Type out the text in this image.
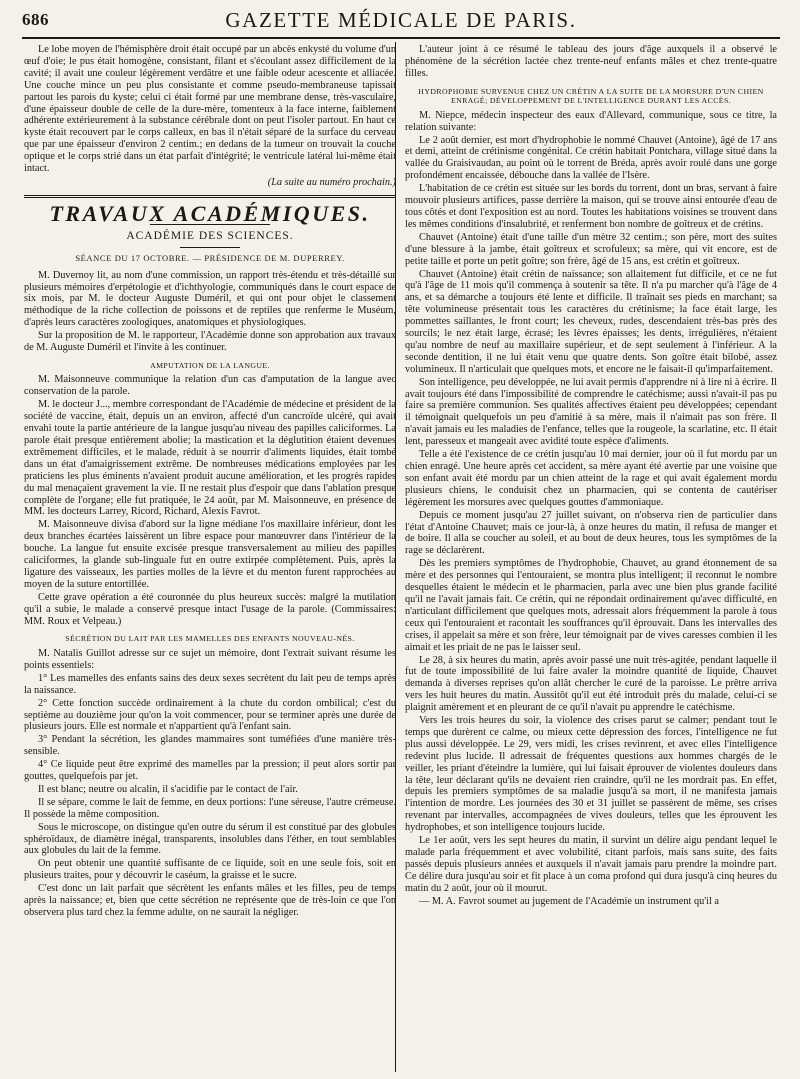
686	GAZETTE MÉDICALE DE PARIS.

Le lobe moyen de l'hémisphère droit était occupé par un abcès enkysté du volume d'un œuf d'oie; le pus était homogène, consistant, filant et s'écoulant assez difficilement de la cavité; il avait une couleur légèrement verdâtre et une faible odeur acescente et alliacée. Une couche mince un peu plus consistante et comme pseudo-membraneuse tapissait partout les parois du kyste; celui ci était formé par une membrane dense, très-vasculaire, d'une épaisseur double de celle de la dure-mère, tomenteux à la face interne, faiblement adhérente extérieurement à la substance cérébrale dont on peut l'isoler partout. En haut ce kyste était recouvert par le corps calleux, en bas il n'était séparé de la surface du cerveau que par une épaisseur d'environ 2 centim.; en dedans de la tumeur on trouvait la couche optique et le corps strié dans un état parfait d'intégrité; le ventricule latéral lui-même était intact.

(La suite au numéro prochain.)

TRAVAUX ACADÉMIQUES.

ACADÉMIE DES SCIENCES.

SÉANCE DU 17 OCTOBRE. — PRÉSIDENCE DE M. DUPERREY.

M. Duvernoy lit, au nom d'une commission, un rapport très-étendu et très-détaillé sur plusieurs mémoires d'erpétologie et d'ichthyologie, communiqués dans le court espace de six mois, par M. le docteur Auguste Duméril, et qui ont pour objet le classement méthodique de la riche collection de poissons et de reptiles que renferme le Muséum, d'après leurs caractères zoologiques, anatomiques et physiologiques.

Sur la proposition de M. le rapporteur, l'Académie donne son approbation aux travaux de M. Auguste Duméril et l'invite à les continuer.

AMPUTATION DE LA LANGUE.

M. Maisonneuve communique la relation d'un cas d'amputation de la langue avec conservation de la parole.

M. le docteur J..., membre correspondant de l'Académie de médecine et président de la société de vaccine, était, depuis un an environ, affecté d'un cancroïde ulcéré, qui avait envahi toute la partie antérieure de la langue jusqu'au niveau des papilles caliciformes. La parole était presque entièrement abolie; la mastication et la déglutition étaient devenues extrêmement difficiles, et le malade, réduit à se nourrir d'aliments liquides, était tombé dans un état d'amaigrissement extrême. De nombreuses médications employées par les praticiens les plus éminents n'avaient produit aucune amélioration, et les progrès rapides du mal menaçaient gravement la vie. Il ne restait plus d'espoir que dans l'ablation presque complète de l'organe; elle fut pratiquée, le 24 août, par M. Maisonneuve, en présence de MM. les docteurs Larrey, Ricord, Richard, Alexis Favrot.

M. Maisonneuve divisa d'abord sur la ligne médiane l'os maxillaire inférieur, dont les deux branches écartées laissèrent un libre espace pour manœuvrer dans l'intérieur de la bouche. La langue fut ensuite excisée presque transversalement au milieu des papilles caliciformes, la glande sub-linguale fut en outre extirpée complètement. Puis, après la ligature des vaisseaux, les parties molles de la lèvre et du menton furent rapprochées au moyen de la suture entortillée.

Cette grave opération a été couronnée du plus heureux succès: malgré la mutilation qu'il a subie, le malade a conservé presque intact l'usage de la parole. (Commissaires: MM. Roux et Velpeau.)

SÉCRÉTION DU LAIT PAR LES MAMELLES DES ENFANTS NOUVEAU-NÉS.

M. Natalis Guillot adresse sur ce sujet un mémoire, dont l'extrait suivant résume les points essentiels:

1° Les mamelles des enfants sains des deux sexes secrètent du lait peu de temps après la naissance.

2° Cette fonction succède ordinairement à la chute du cordon ombilical; c'est du septième au douzième jour qu'on la voit commencer, pour se terminer après une durée de plusieurs jours. Elle est normale et n'appartient qu'à l'enfant sain.

3° Pendant la sécrétion, les glandes mammaires sont tuméfiées d'une manière très-sensible.

4° Ce liquide peut être exprimé des mamelles par la pression; il peut alors sortir par gouttes, quelquefois par jet.

Il est blanc; neutre ou alcalin, il s'acidifie par le contact de l'air.

Il se sépare, comme le lait de femme, en deux portions: l'une séreuse, l'autre crémeuse. Il possède la même composition.

Sous le microscope, on distingue qu'en outre du sérum il est constitué par des globules sphéroïdaux, de diamètre inégal, transparents, insolubles dans l'éther, en tout semblables aux globules du lait de la femme.

On peut obtenir une quantité suffisante de ce liquide, soit en une seule fois, soit en plusieurs traites, pour y découvrir le caséum, la graisse et le sucre.

C'est donc un lait parfait que sécrètent les enfants mâles et les filles, peu de temps après la naissance; et, bien que cette sécrétion ne représente que de très-loin ce que l'on observera plus tard chez la femme adulte, on ne saurait la négliger.

L'auteur joint à ce résumé le tableau des jours d'âge auxquels il a observé le phénomène de la sécrétion lactée chez trente-neuf enfants mâles et chez trente-quatre filles.

HYDROPHOBIE SURVENUE CHEZ UN CRÉTIN A LA SUITE DE LA MORSURE D'UN CHIEN ENRAGÉ; DÉVELOPPEMENT DE L'INTELLIGENCE DURANT LES ACCÈS.

M. Niepce, médecin inspecteur des eaux d'Allevard, communique, sous ce titre, la relation suivante:

Le 2 août dernier, est mort d'hydrophobie le nommé Chauvet (Antoine), âgé de 17 ans et demi, atteint de crétinisme congénital. Ce crétin habitait Pontchara, village situé dans la vallée du Graisivaudan, au point où le torrent de Bréda, après avoir roulé dans une gorge profondément encaissée, débouche dans la vallée de l'Isère.

L'habitation de ce crétin est située sur les bords du torrent, dont un bras, servant à faire mouvoir plusieurs artifices, passe derrière la maison, qui se trouve ainsi entourée d'eau de tous côtés et dont l'exposition est au nord. Toutes les habitations voisines se trouvent dans les mêmes conditions d'insalubrité, et renferment bon nombre de goîtreux et de crétins.

Chauvet (Antoine) était d'une taille d'un mètre 32 centim.; son père, mort des suites d'une blessure à la jambe, était goîtreux et scrofuleux; sa mère, qui vit encore, est de petite taille et porte un petit goître; son frère, âgé de 15 ans, est crétin et goîtreux.

Chauvet (Antoine) était crétin de naissance; son allaitement fut difficile, et ce ne fut qu'à l'âge de 11 mois qu'il commença à soutenir sa tête. Il n'a pu marcher qu'à l'âge de 4 ans, et sa démarche a toujours été lente et difficile. Il traînait ses pieds en marchant; sa tête volumineuse présentait tous les caractères du crétinisme; la face était large, les pommettes saillantes, le front court; les cheveux, rudes, descendaient très-bas près des sourcils; le nez était large, écrasé; les lèvres épaisses; les dents, irrégulières, n'étaient qu'au nombre de neuf au maxillaire supérieur, et de sept seulement à l'inférieur. A la seconde dentition, il ne lui était venu que quatre dents. Son goître était bilobé, assez volumineux. Il n'articulait que quelques mots, et encore ne le faisait-il qu'imparfaitement.

Son intelligence, peu développée, ne lui avait permis d'apprendre ni à lire ni à écrire. Il avait toujours été dans l'impossibilité de comprendre le catéchisme; aussi n'avait-il pas pu faire sa première communion. Ses qualités affectives étaient peu développées; cependant il témoignait quelquefois un peu d'amitié à sa mère, mais il n'aimait pas son frère. Il n'avait jamais eu les maladies de l'enfance, telles que la rougeole, la scarlatine, etc. Il était lent, paresseux et mangeait avec avidité toute espèce d'aliments.

Telle a été l'existence de ce crétin jusqu'au 10 mai dernier, jour où il fut mordu par un chien enragé. Une heure après cet accident, sa mère ayant été avertie par une voisine que son enfant avait été mordu par un chien atteint de la rage et qui avait également mordu plusieurs chiens, le conduisit chez un pharmacien, qui se contenta de cautériser légèrement les morsures avec quelques gouttes d'ammoniaque.

Depuis ce moment jusqu'au 27 juillet suivant, on n'observa rien de particulier dans l'état d'Antoine Chauvet; mais ce jour-là, à onze heures du matin, il refusa de manger et de boire. Il alla se coucher au soleil, et au bout de deux heures, tous les symptômes de la rage se déclarèrent.

Dès les premiers symptômes de l'hydrophobie, Chauvet, au grand étonnement de sa mère et des personnes qui l'entouraient, se montra plus intelligent; il reconnut le nombre desquelles étaient le médecin et le pharmacien, parla avec une bien plus grande facilité qu'il ne l'avait jamais fait. Ce crétin, qui ne répondait ordinairement qu'avec difficulté, en n'articulant difficilement que quelques mots, adressait alors fréquemment la parole à tous ceux qui l'entouraient et racontait les souffrances qu'il éprouvait. Dans les intervalles des crises, il appelait sa mère et son frère, leur témoignait par de vives caresses combien il les aimait et les priait de ne pas le laisser seul.

Le 28, à six heures du matin, après avoir passé une nuit très-agitée, pendant laquelle il fut de toute impossibilité de lui faire avaler la moindre quantité de liquide, Chauvet demanda à diverses reprises qu'on allât chercher le curé de la paroisse. Le prêtre arriva vers les huit heures du matin. Aussitôt qu'il eut été introduit près du malade, celui-ci se plaignit amèrement et en pleurant de ce qu'il n'avait pu apprendre le catéchisme.

Vers les trois heures du soir, la violence des crises parut se calmer; pendant tout le temps que durèrent ce calme, ou mieux cette dépression des forces, l'intelligence ne fut plus aussi développée. Le 29, vers midi, les crises revinrent, et avec elles l'intelligence redevint plus lucide. Il adressait de fréquentes questions aux hommes chargés de le veiller, les priant d'éteindre la lumière, qui lui faisait éprouver de violentes douleurs dans la tête, leur déclarant qu'ils ne devaient rien craindre, qu'il ne les mordrait pas. En effet, depuis les premiers symptômes de sa maladie jusqu'à sa mort, il ne manifesta jamais l'intention de mordre. Les journées des 30 et 31 juillet se passèrent de même, ses crises revenant par intervalles, accompagnées de vives douleurs, telles que les éprouvent les hydrophobes, et son intelligence toujours lucide.

Le 1er août, vers les sept heures du matin, il survint un délire aigu pendant lequel le malade parla fréquemment et avec volubilité, citant parfois, mais sans suite, des faits passés depuis plusieurs années et auxquels il n'avait jamais paru prendre la moindre part. Ce délire dura jusqu'au soir et fit place à un coma profond qui dura jusqu'à cinq heures du matin du 2 août, jour où il mourut.

— M. A. Favrot soumet au jugement de l'Académie un instrument qu'il a
